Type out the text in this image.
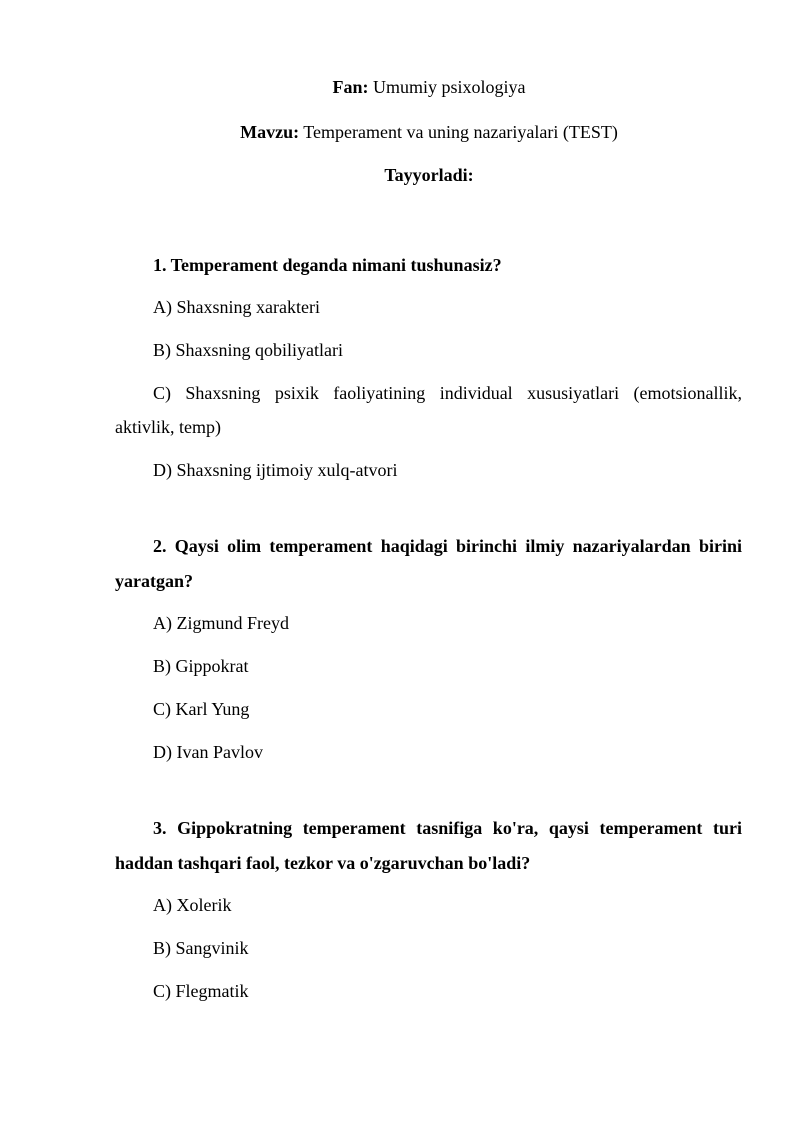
Fan: Umumiy psixologiya
Mavzu: Temperament va uning nazariyalari (TEST)
Tayyorladi:

1. Temperament deganda nimani tushunasiz?

A) Shaxsning xarakteri

B) Shaxsning qobiliyatlari

C) Shaxsning psixik faoliyatining individual xususiyatlari (emotsionallik, aktivlik, temp)

D) Shaxsning ijtimoiy xulq-atvori

2. Qaysi olim temperament haqidagi birinchi ilmiy nazariyalardan birini yaratgan?

A) Zigmund Freyd

B) Gippokrat

C) Karl Yung

D) Ivan Pavlov

3. Gippokratning temperament tasnifiga ko'ra, qaysi temperament turi haddan tashqari faol, tezkor va o'zgaruvchan bo'ladi?

A) Xolerik

B) Sangvinik

C) Flegmatik
